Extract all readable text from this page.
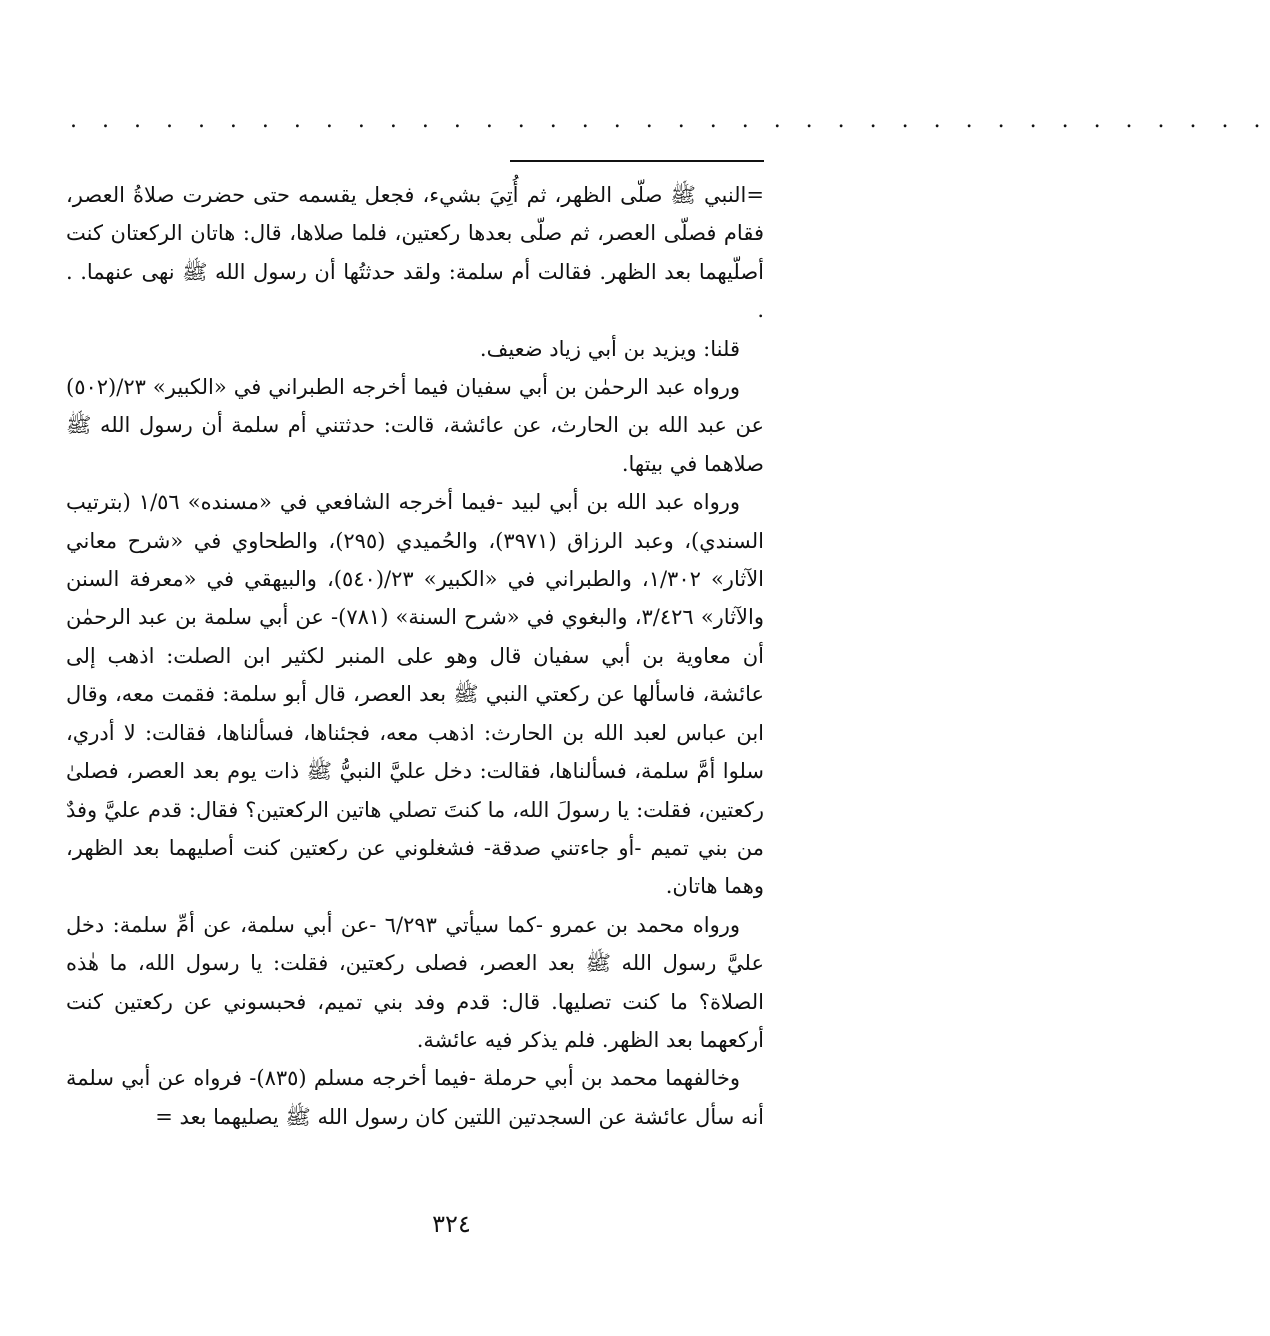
. . . . . . . . . . . . . . . . . . . . . . . . . . . . . . . . . . . . . .

=النبي ﷺ صلّى الظهر، ثم أُتِيَ بشيء، فجعل يقسمه حتى حضرت صلاةُ العصر، فقام فصلّى العصر، ثم صلّى بعدها ركعتين، فلما صلاها، قال: هاتان الركعتان كنت أصلّيهما بعد الظهر. فقالت أم سلمة: ولقد حدثتُها أن رسول الله ﷺ نهى عنهما. . .

قلنا: ويزيد بن أبي زياد ضعيف.

ورواه عبد الرحمٰن بن أبي سفيان فيما أخرجه الطبراني في «الكبير» ٢٣/(٥٠٢) عن عبد الله بن الحارث، عن عائشة، قالت: حدثتني أم سلمة أن رسول الله ﷺ صلاهما في بيتها.

ورواه عبد الله بن أبي لبيد -فيما أخرجه الشافعي في «مسنده» ١/٥٦ (بترتيب السندي)، وعبد الرزاق (٣٩٧١)، والحُميدي (٢٩٥)، والطحاوي في «شرح معاني الآثار» ١/٣٠٢، والطبراني في «الكبير» ٢٣/(٥٤٠)، والبيهقي في «معرفة السنن والآثار» ٣/٤٢٦، والبغوي في «شرح السنة» (٧٨١)- عن أبي سلمة بن عبد الرحمٰن أن معاوية بن أبي سفيان قال وهو على المنبر لكثير ابن الصلت: اذهب إلى عائشة، فاسألها عن ركعتي النبي ﷺ بعد العصر، قال أبو سلمة: فقمت معه، وقال ابن عباس لعبد الله بن الحارث: اذهب معه، فجئناها، فسألناها، فقالت: لا أدري، سلوا أمَّ سلمة، فسألناها، فقالت: دخل عليَّ النبيُّ ﷺ ذات يوم بعد العصر، فصلىٰ ركعتين، فقلت: يا رسولَ الله، ما كنتَ تصلي هاتين الركعتين؟ فقال: قدم عليَّ وفدٌ من بني تميم -أو جاءتني صدقة- فشغلوني عن ركعتين كنت أصليهما بعد الظهر، وهما هاتان.

ورواه محمد بن عمرو -كما سيأتي ٦/٢٩٣ -عن أبي سلمة، عن أمِّ سلمة: دخل عليَّ رسول الله ﷺ بعد العصر، فصلى ركعتين، فقلت: يا رسول الله، ما هٰذه الصلاة؟ ما كنت تصليها. قال: قدم وفد بني تميم، فحبسوني عن ركعتين كنت أركعهما بعد الظهر. فلم يذكر فيه عائشة.

وخالفهما محمد بن أبي حرملة -فيما أخرجه مسلم (٨٣٥)- فرواه عن أبي سلمة أنه سأل عائشة عن السجدتين اللتين كان رسول الله ﷺ يصليهما بعد =

٣٢٤
